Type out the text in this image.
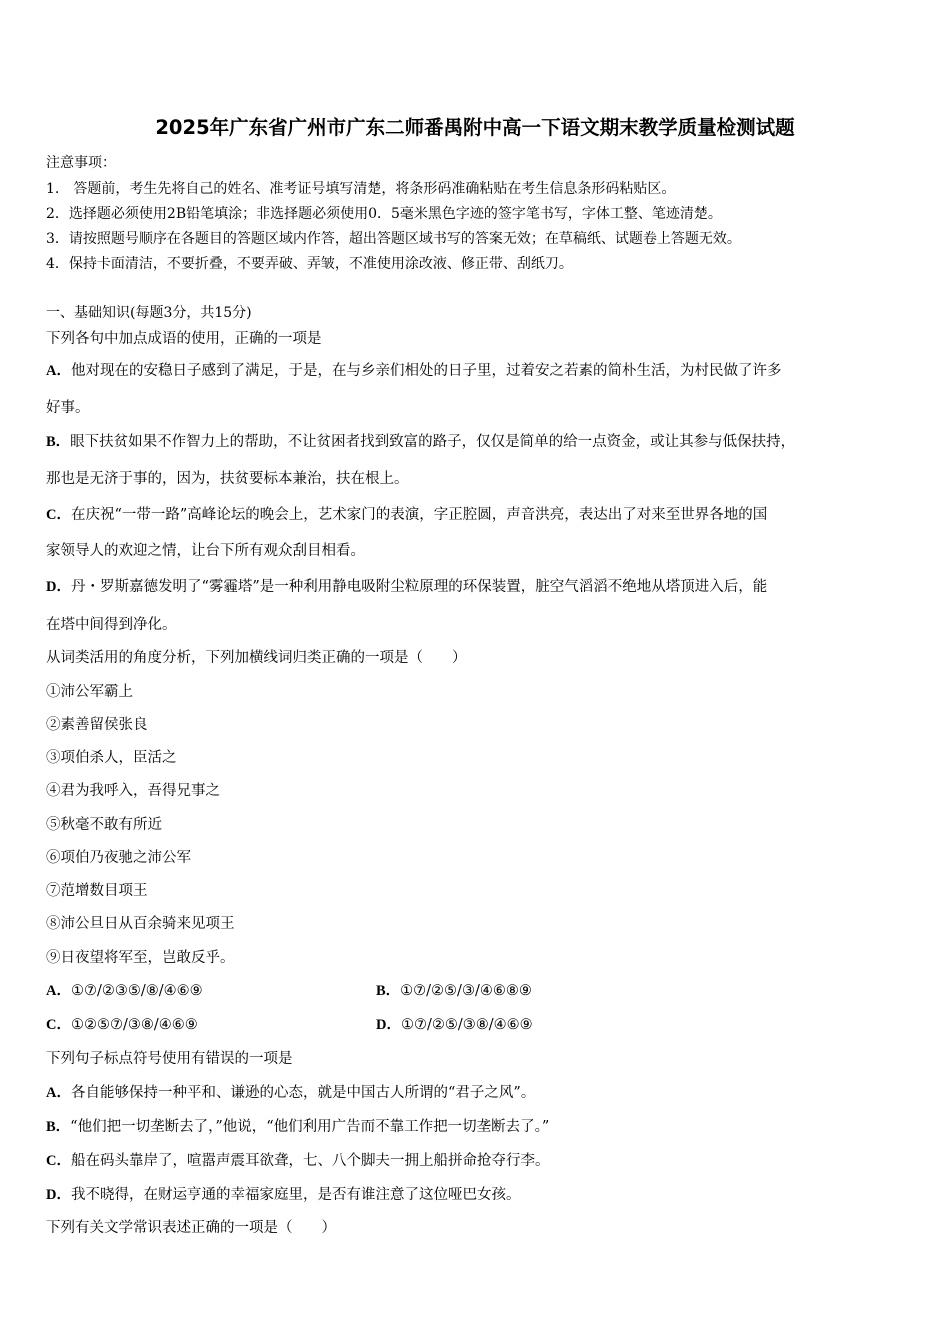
2025年广东省广州市广东二师番禺附中高一下语文期末教学质量检测试题
注意事项：
1.　答题前，考生先将自己的姓名、准考证号填写清楚，将条形码准确粘贴在考生信息条形码粘贴区。
2．选择题必须使用2B铅笔填涂；非选择题必须使用0．5毫米黑色字迹的签字笔书写，字体工整、笔迹清楚。
3．请按照题号顺序在各题目的答题区域内作答，超出答题区域书写的答案无效；在草稿纸、试题卷上答题无效。
4．保持卡面清洁，不要折叠，不要弄破、弄皱，不准使用涂改液、修正带、刮纸刀。
一、基础知识(每题3分，共15分)
下列各句中加点成语的使用，正确的一项是
A．他对现在的安稳日子感到了满足，于是，在与乡亲们相处的日子里，过着安之若素的简朴生活，为村民做了许多
好事。
B．眼下扶贫如果不作智力上的帮助，不让贫困者找到致富的路子，仅仅是简单的给一点资金，或让其参与低保扶持，
那也是无济于事的，因为，扶贫要标本兼治，扶在根上。
C．在庆祝“一带一路”高峰论坛的晚会上，艺术家门的表演，字正腔圆，声音洪亮，表达出了对来至世界各地的国
家领导人的欢迎之情，让台下所有观众刮目相看。
D．丹・罗斯嘉德发明了“雾霾塔”是一种利用静电吸附尘粒原理的环保装置，脏空气滔滔不绝地从塔顶进入后，能
在塔中间得到净化。
从词类活用的角度分析，下列加横线词归类正确的一项是（　　）
①沛公军霸上
②素善留侯张良
③项伯杀人，臣活之
④君为我呼入，吾得兄事之
⑤秋毫不敢有所近
⑥项伯乃夜驰之沛公军
⑦范增数目项王
⑧沛公旦日从百余骑来见项王
⑨日夜望将军至，岂敢反乎。
A．①⑦/②③⑤/⑧/④⑥⑨	B．①⑦/②⑤/③/④⑥⑧⑨
C．①②⑤⑦/③⑧/④⑥⑨	D．①⑦/②⑤/③⑧/④⑥⑨
下列句子标点符号使用有错误的一项是
A．各自能够保持一种平和、谦逊的心态，就是中国古人所谓的“君子之风”。
B．“他们把一切垄断去了，”他说，“他们利用广告而不靠工作把一切垄断去了。”
C．船在码头靠岸了，喧嚣声震耳欲聋，七、八个脚夫一拥上船拼命抢夺行李。
D．我不晓得，在财运亨通的幸福家庭里，是否有谁注意了这位哑巴女孩。
下列有关文学常识表述正确的一项是（　　）
